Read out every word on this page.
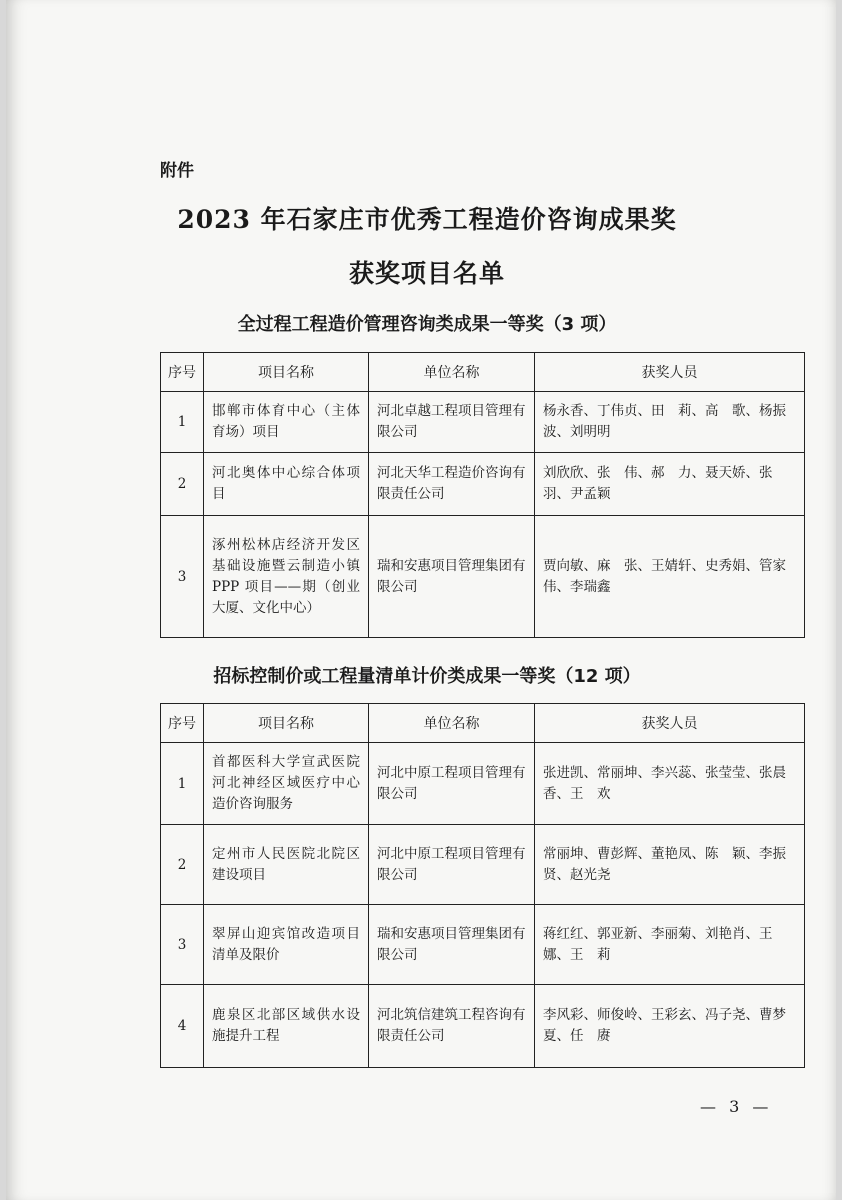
附件
2023 年石家庄市优秀工程造价咨询成果奖
获奖项目名单
全过程工程造价管理咨询类成果一等奖（3 项）
序号	项目名称	单位名称	获奖人员
1	邯郸市体育中心（主体育场）项目	河北卓越工程项目管理有限公司	杨永香、丁伟贞、田　莉、高　歌、杨振波、刘明明
2	河北奥体中心综合体项目	河北天华工程造价咨询有限责任公司	刘欣欣、张　伟、郝　力、聂天娇、张　羽、尹孟颖
3	涿州松林店经济开发区基础设施暨云制造小镇 PPP 项目——期（创业大厦、文化中心）	瑞和安惠项目管理集团有限公司	贾向敏、麻　张、王婧轩、史秀娟、管家伟、李瑞鑫
招标控制价或工程量清单计价类成果一等奖（12 项）
序号	项目名称	单位名称	获奖人员
1	首都医科大学宣武医院河北神经区域医疗中心造价咨询服务	河北中原工程项目管理有限公司	张进凯、常丽坤、李兴蕊、张莹莹、张晨香、王　欢
2	定州市人民医院北院区建设项目	河北中原工程项目管理有限公司	常丽坤、曹彭辉、董艳凤、陈　颖、李振贤、赵光尧
3	翠屏山迎宾馆改造项目清单及限价	瑞和安惠项目管理集团有限公司	蒋红红、郭亚新、李丽菊、刘艳肖、王　娜、王　莉
4	鹿泉区北部区域供水设施提升工程	河北筑信建筑工程咨询有限责任公司	李风彩、师俊岭、王彩玄、冯子尧、曹梦夏、任　赓
— 3 —
